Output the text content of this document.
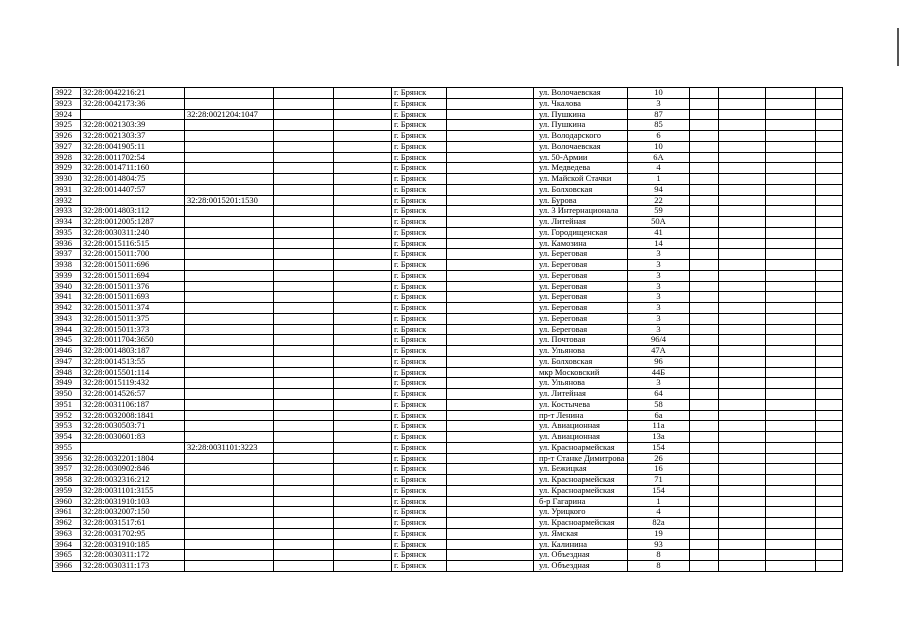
3922	32:28:0042216:21				г. Брянск		ул. Волочаевская	10				
3923	32:28:0042173:36				г. Брянск		ул. Чкалова	3				
3924		32:28:0021204:1047			г. Брянск		ул. Пушкина	87				
3925	32:28:0021303:39				г. Брянск		ул. Пушкина	85				
3926	32:28:0021303:37				г. Брянск		ул. Володарского	6				
3927	32:28:0041905:11				г. Брянск		ул. Волочаевская	10				
3928	32:28:0011702:54				г. Брянск		ул. 50-Армии	6А				
3929	32:28:0014711:160				г. Брянск		ул. Медведева	4				
3930	32:28:0014804:75				г. Брянск		ул. Майской Стачки	1				
3931	32:28:0014407:57				г. Брянск		ул. Болховская	94				
3932		32:28:0015201:1530			г. Брянск		ул. Бурова	22				
3933	32:28:0014803:112				г. Брянск		ул. 3 Интернационала	59				
3934	32:28:0012005:1287				г. Брянск		ул. Литейная	50А				
3935	32:28:0030311:240				г. Брянск		ул. Городищенская	41				
3936	32:28:0015116:515				г. Брянск		ул. Камозина	14				
3937	32:28:0015011:700				г. Брянск		ул. Береговая	3				
3938	32:28:0015011:696				г. Брянск		ул. Береговая	3				
3939	32:28:0015011:694				г. Брянск		ул. Береговая	3				
3940	32:28:0015011:376				г. Брянск		ул. Береговая	3				
3941	32:28:0015011:693				г. Брянск		ул. Береговая	3				
3942	32:28:0015011:374				г. Брянск		ул. Береговая	3				
3943	32:28:0015011:375				г. Брянск		ул. Береговая	3				
3944	32:28:0015011:373				г. Брянск		ул. Береговая	3				
3945	32:28:0011704:3650				г. Брянск		ул. Почтовая	96/4				
3946	32:28:0014803:187				г. Брянск		ул. Ульянова	47А				
3947	32:28:0014513:55				г. Брянск		ул. Болховская	96				
3948	32:28:0015501:114				г. Брянск		мкр Московский	44Б				
3949	32:28:0015119:432				г. Брянск		ул. Ульянова	3				
3950	32:28:0014526:57				г. Брянск		ул. Литейная	64				
3951	32:28:0031106:187				г. Брянск		ул. Костычева	58				
3952	32:28:0032008:1841				г. Брянск		пр-т Ленина	6а				
3953	32:28:0030503:71				г. Брянск		ул. Авиационная	11а				
3954	32:28:0030601:83				г. Брянск		ул. Авиационная	13а				
3955		32:28:0031101:3223			г. Брянск		ул. Красноармейская	154				
3956	32:28:0032201:1804				г. Брянск		пр-т Станке Димитрова	26				
3957	32:28:0030902:846				г. Брянск		ул. Бежицкая	16				
3958	32:28:0032316:212				г. Брянск		ул. Красноармейская	71				
3959	32:28:0031101:3155				г. Брянск		ул. Красноармейская	154				
3960	32:28:0031910:103				г. Брянск		б-р Гагарина	1				
3961	32:28:0032007:150				г. Брянск		ул. Урицкого	4				
3962	32:28:0031517:61				г. Брянск		ул. Красноармейская	82а				
3963	32:28:0031702:95				г. Брянск		ул. Ямская	19				
3964	32:28:0031910:185				г. Брянск		ул. Калинина	93				
3965	32:28:0030311:172				г. Брянск		ул. Объездная	8				
3966	32:28:0030311:173				г. Брянск		ул. Объездная	8				
